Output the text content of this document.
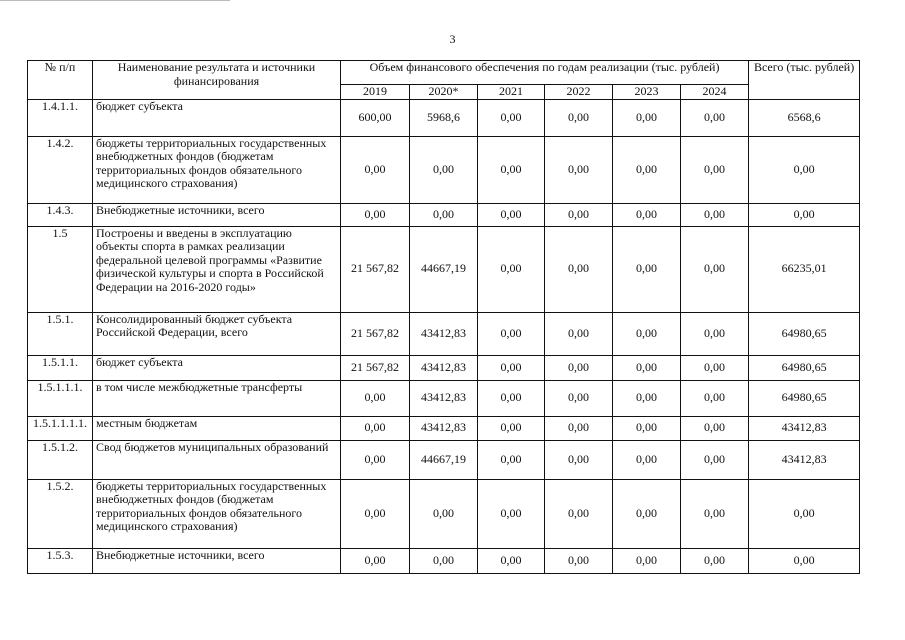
3
№ п/п	Наименование результата и источники финансирования	Объем финансового обеспечения по годам реализации (тыс. рублей)						Всего (тыс. рублей)
		2019	2020*	2021	2022	2023	2024	
1.4.1.1.	бюджет субъекта	600,00	5968,6	0,00	0,00	0,00	0,00	6568,6
1.4.2.	бюджеты территориальных государственных внебюджетных фондов (бюджетам территориальных фондов обязательного медицинского страхования)	0,00	0,00	0,00	0,00	0,00	0,00	0,00
1.4.3.	Внебюджетные источники, всего	0,00	0,00	0,00	0,00	0,00	0,00	0,00
1.5	Построены и введены в эксплуатацию объекты спорта в рамках реализации федеральной целевой программы «Развитие физической культуры и спорта в Российской Федерации на 2016-2020 годы»	21 567,82	44667,19	0,00	0,00	0,00	0,00	66235,01
1.5.1.	Консолидированный бюджет субъекта Российской Федерации, всего	21 567,82	43412,83	0,00	0,00	0,00	0,00	64980,65
1.5.1.1.	бюджет субъекта	21 567,82	43412,83	0,00	0,00	0,00	0,00	64980,65
1.5.1.1.1.	в том числе межбюджетные трансферты	0,00	43412,83	0,00	0,00	0,00	0,00	64980,65
1.5.1.1.1.1.	местным бюджетам	0,00	43412,83	0,00	0,00	0,00	0,00	43412,83
1.5.1.2.	Свод бюджетов муниципальных образований	0,00	44667,19	0,00	0,00	0,00	0,00	43412,83
1.5.2.	бюджеты территориальных государственных внебюджетных фондов (бюджетам территориальных фондов обязательного медицинского страхования)	0,00	0,00	0,00	0,00	0,00	0,00	0,00
1.5.3.	Внебюджетные источники, всего	0,00	0,00	0,00	0,00	0,00	0,00	0,00
